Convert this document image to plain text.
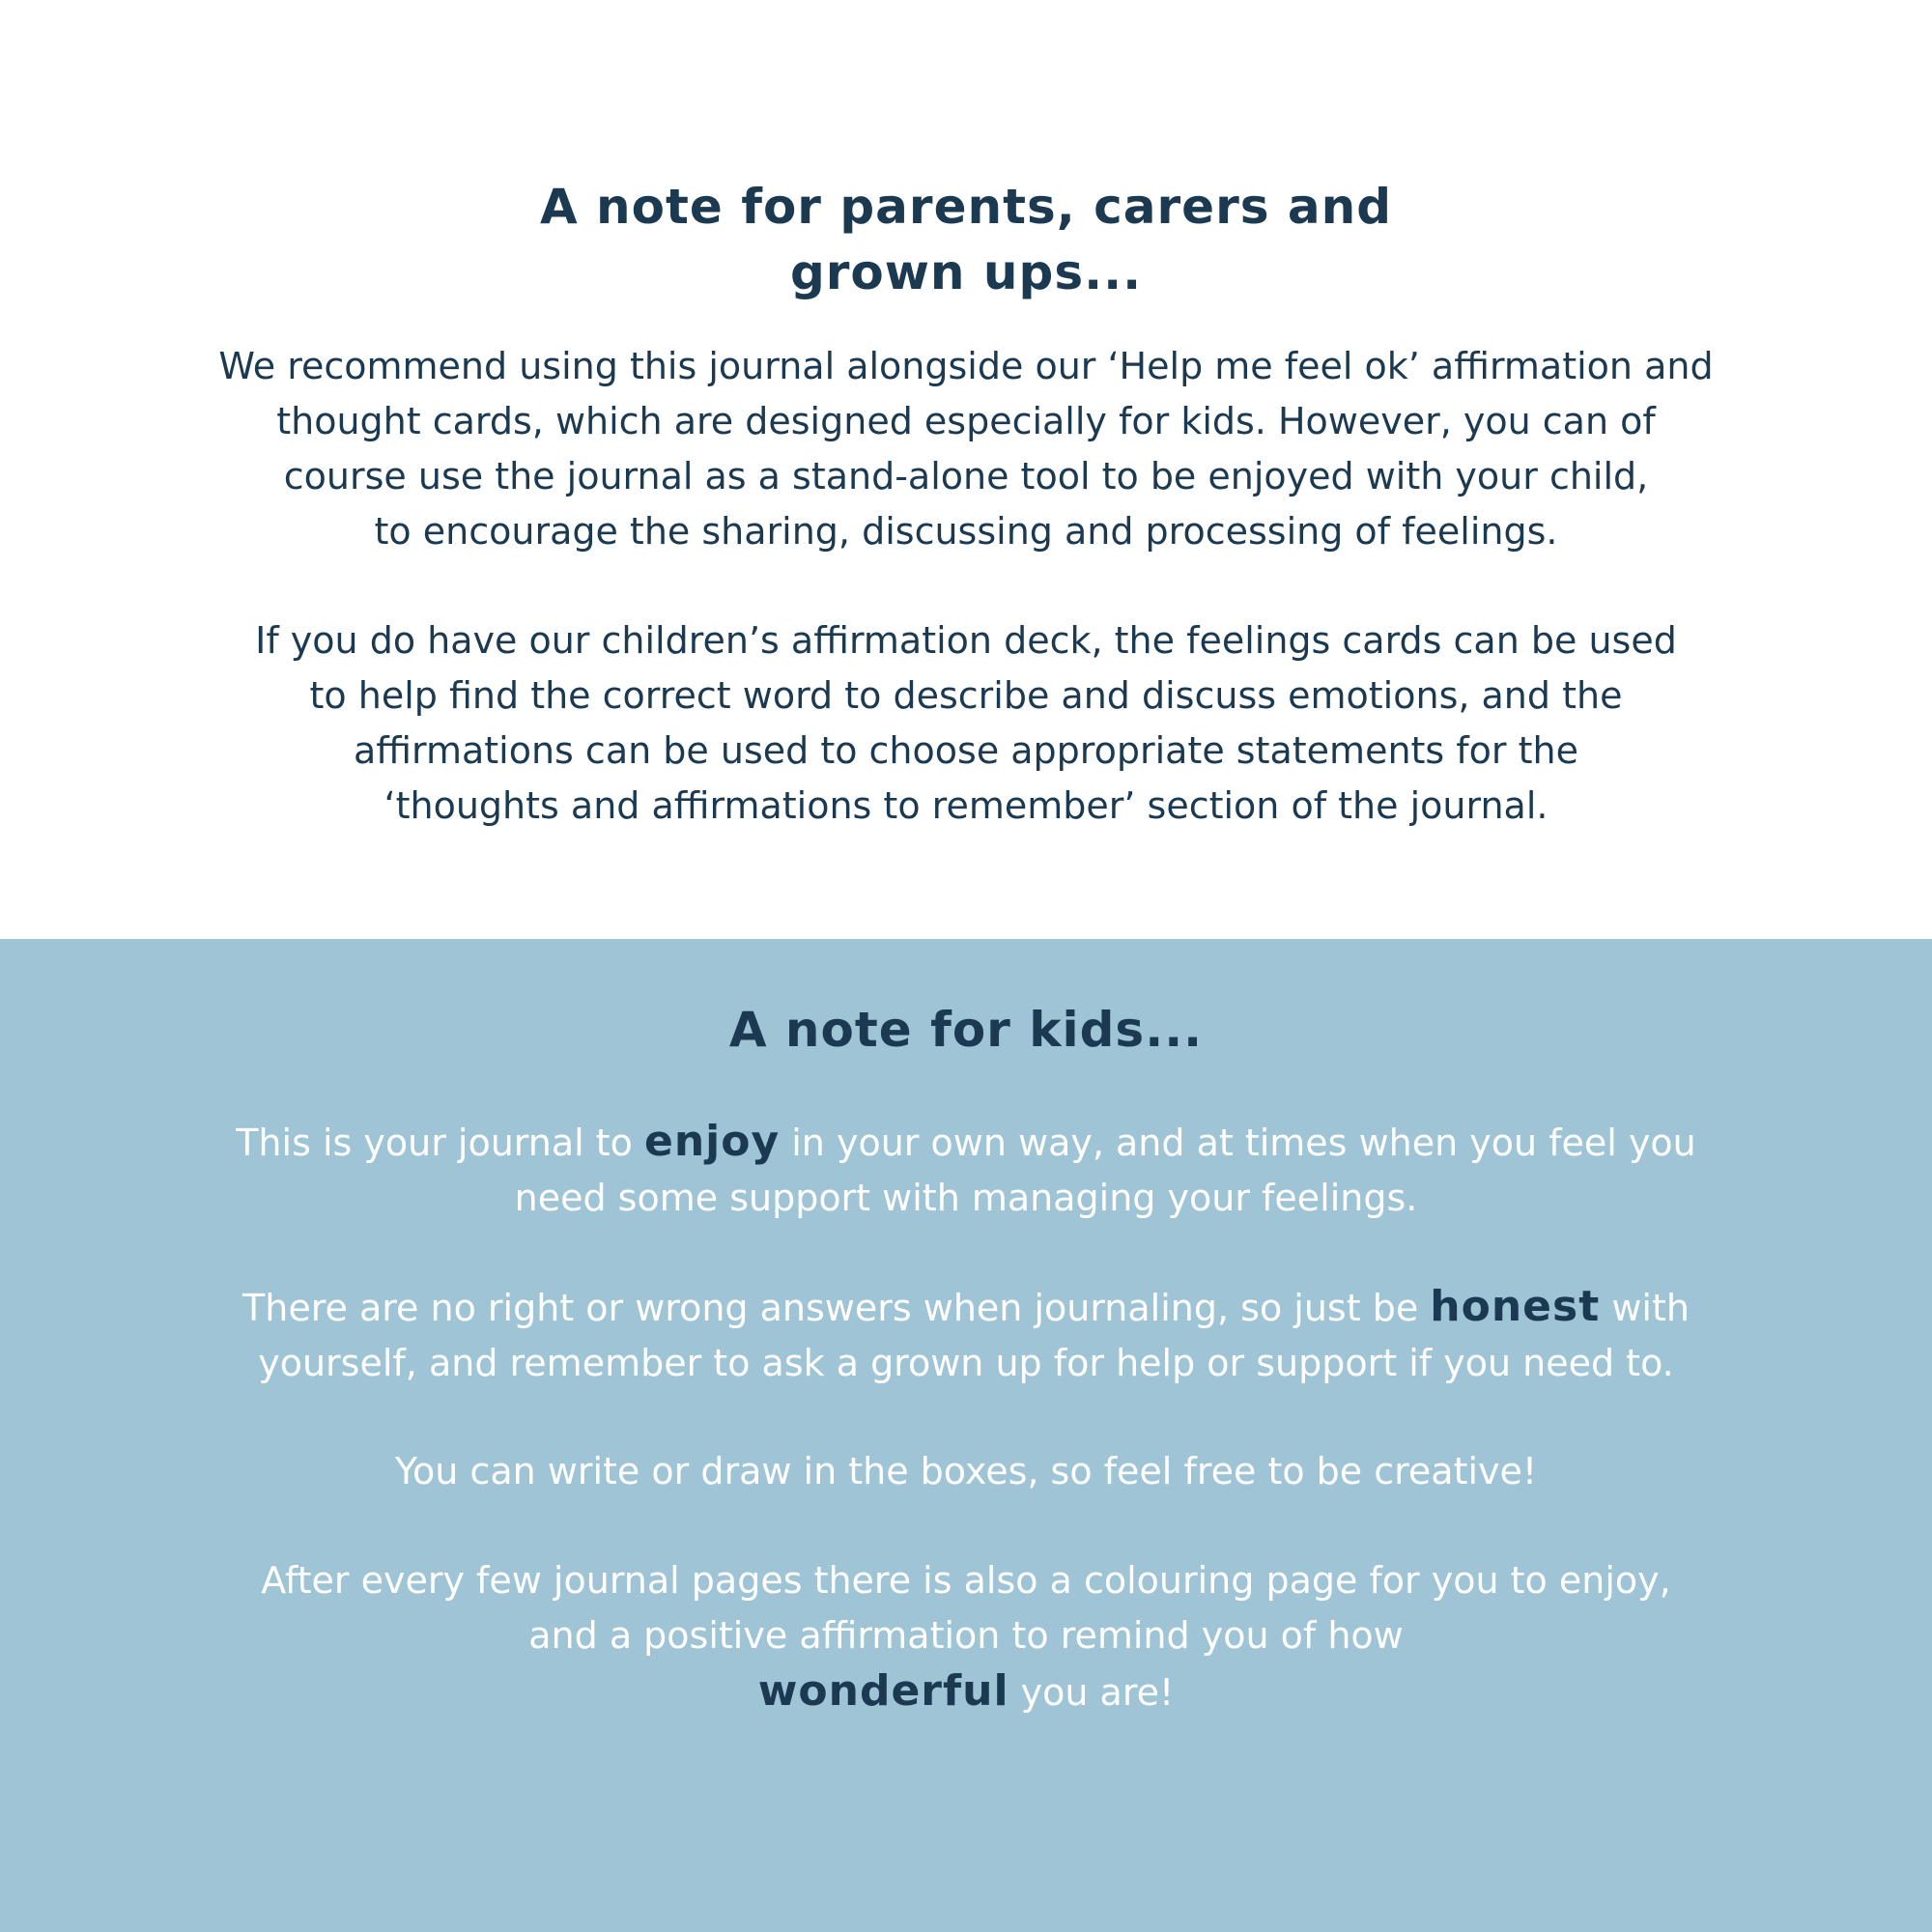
A note for parents, carers and
grown ups...
We recommend using this journal alongside our ‘Help me feel ok’ affirmation and
thought cards, which are designed especially for kids. However, you can of
course use the journal as a stand-alone tool to be enjoyed with your child,
to encourage the sharing, discussing and processing of feelings.
If you do have our children’s affirmation deck, the feelings cards can be used
to help find the correct word to describe and discuss emotions, and the
affirmations can be used to choose appropriate statements for the
‘thoughts and affirmations to remember’ section of the journal.
A note for kids...
This is your journal to enjoy in your own way, and at times when you feel you
need some support with managing your feelings.
There are no right or wrong answers when journaling, so just be honest with
yourself, and remember to ask a grown up for help or support if you need to.
You can write or draw in the boxes, so feel free to be creative!
After every few journal pages there is also a colouring page for you to enjoy,
and a positive affirmation to remind you of how
wonderful you are!
